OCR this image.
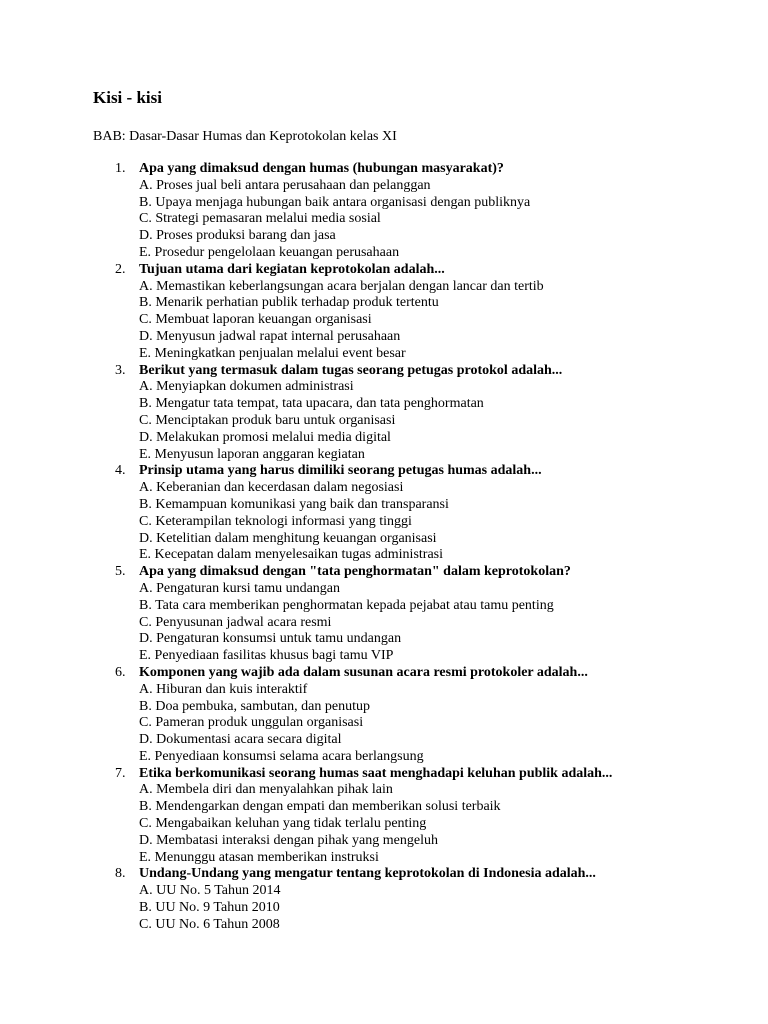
Kisi - kisi
BAB: Dasar-Dasar Humas dan Keprotokolan kelas XI
1. Apa yang dimaksud dengan humas (hubungan masyarakat)?
A. Proses jual beli antara perusahaan dan pelanggan
B. Upaya menjaga hubungan baik antara organisasi dengan publiknya
C. Strategi pemasaran melalui media sosial
D. Proses produksi barang dan jasa
E. Prosedur pengelolaan keuangan perusahaan
2. Tujuan utama dari kegiatan keprotokolan adalah...
A. Memastikan keberlangsungan acara berjalan dengan lancar dan tertib
B. Menarik perhatian publik terhadap produk tertentu
C. Membuat laporan keuangan organisasi
D. Menyusun jadwal rapat internal perusahaan
E. Meningkatkan penjualan melalui event besar
3. Berikut yang termasuk dalam tugas seorang petugas protokol adalah...
A. Menyiapkan dokumen administrasi
B. Mengatur tata tempat, tata upacara, dan tata penghormatan
C. Menciptakan produk baru untuk organisasi
D. Melakukan promosi melalui media digital
E. Menyusun laporan anggaran kegiatan
4. Prinsip utama yang harus dimiliki seorang petugas humas adalah...
A. Keberanian dan kecerdasan dalam negosiasi
B. Kemampuan komunikasi yang baik dan transparansi
C. Keterampilan teknologi informasi yang tinggi
D. Ketelitian dalam menghitung keuangan organisasi
E. Kecepatan dalam menyelesaikan tugas administrasi
5. Apa yang dimaksud dengan "tata penghormatan" dalam keprotokolan?
A. Pengaturan kursi tamu undangan
B. Tata cara memberikan penghormatan kepada pejabat atau tamu penting
C. Penyusunan jadwal acara resmi
D. Pengaturan konsumsi untuk tamu undangan
E. Penyediaan fasilitas khusus bagi tamu VIP
6. Komponen yang wajib ada dalam susunan acara resmi protokoler adalah...
A. Hiburan dan kuis interaktif
B. Doa pembuka, sambutan, dan penutup
C. Pameran produk unggulan organisasi
D. Dokumentasi acara secara digital
E. Penyediaan konsumsi selama acara berlangsung
7. Etika berkomunikasi seorang humas saat menghadapi keluhan publik adalah...
A. Membela diri dan menyalahkan pihak lain
B. Mendengarkan dengan empati dan memberikan solusi terbaik
C. Mengabaikan keluhan yang tidak terlalu penting
D. Membatasi interaksi dengan pihak yang mengeluh
E. Menunggu atasan memberikan instruksi
8. Undang-Undang yang mengatur tentang keprotokolan di Indonesia adalah...
A. UU No. 5 Tahun 2014
B. UU No. 9 Tahun 2010
C. UU No. 6 Tahun 2008
